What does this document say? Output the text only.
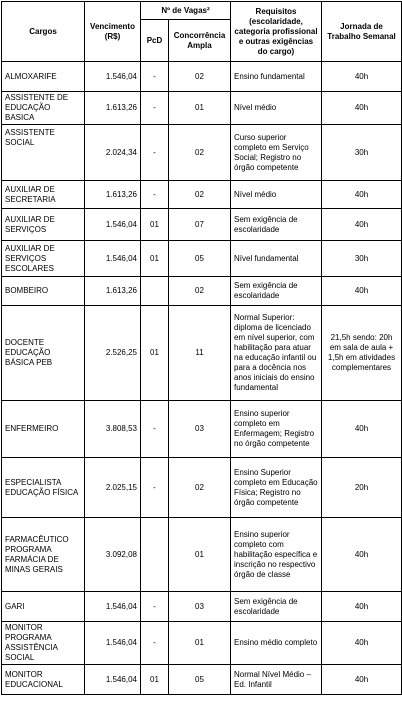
Cargos	Vencimento (R$)	Nº de Vagas²		Requisitos (escolaridade, categoria profissional e outras exigências do cargo)	Jornada de Trabalho Semanal
		PcD	Concorrência Ampla		
ALMOXARIFE	1.546,04	-	02	Ensino fundamental	40h
ASSISTENTE DE EDUCAÇÃO BASICA	1.613,26	-	01	Nível médio	40h
ASSISTENTE SOCIAL	2.024,34	-	02	Curso superior completo em Serviço Social; Registro no órgão competente	30h
AUXILIAR DE SECRETARIA	1.613,26	-	02	Nível médio	40h
AUXILIAR DE SERVIÇOS	1.546,04	01	07	Sem exigência de escolaridade	40h
AUXILIAR DE SERVIÇOS ESCOLARES	1.546,04	01	05	Nível fundamental	30h
BOMBEIRO	1.613,26		02	Sem exigência de escolaridade	40h
DOCENTE EDUCAÇÃO BÁSICA PEB	2.526,25	01	11	Normal Superior: diploma de licenciado em nível superior, com habilitação para atuar na educação infantil ou para a docência nos anos iniciais do ensino fundamental	21,5h sendo: 20h em sala de aula + 1,5h em atividades complementares
ENFERMEIRO	3.808,53	-	03	Ensino superior completo em Enfermagem; Registro no órgão competente	40h
ESPECIALISTA EDUCAÇÃO FÍSICA	2.025,15	-	02	Ensino Superior completo em Educação Física; Registro no órgão competente	20h
FARMACÊUTICO PROGRAMA FARMÁCIA DE MINAS GERAIS	3.092,08		01	Ensino superior completo com habilitação específica e inscrição no respectivo órgão de classe	40h
GARI	1.546,04	-	03	Sem exigência de escolaridade	40h
MONITOR PROGRAMA ASSISTÊNCIA SOCIAL	1.546,04	-	01	Ensino médio completo	40h
MONITOR EDUCACIONAL	1.546,04	01	05	Normal Nível Médio – Ed. Infantil	40h
